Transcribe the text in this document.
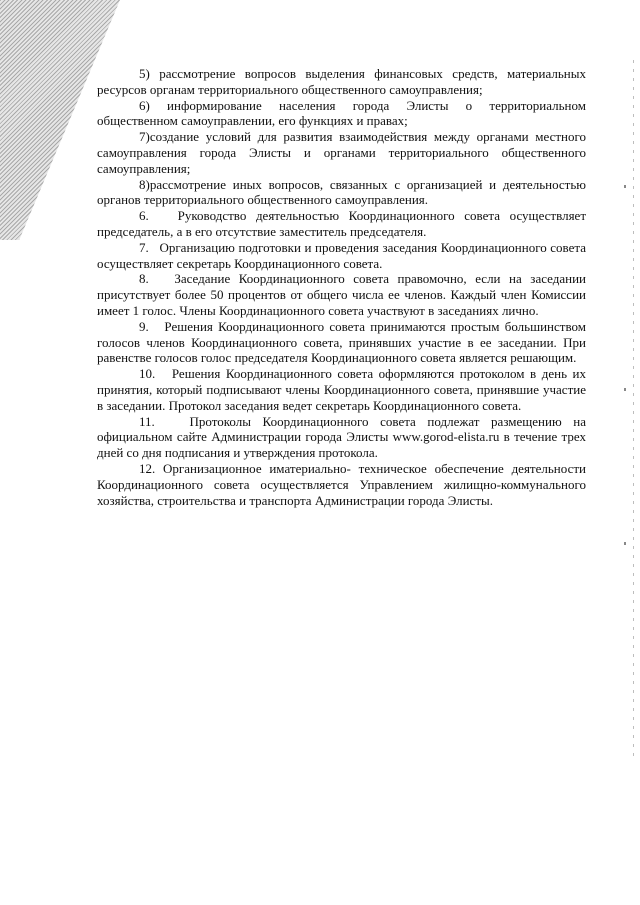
5) рассмотрение вопросов выделения финансовых средств, материальных ресурсов органам территориального общественного самоуправления;

6) информирование населения города Элисты о территориальном общественном самоуправлении, его функциях и правах;

7)создание условий для развития взаимодействия между органами местного самоуправления города Элисты и органами территориального общественного самоуправления;

8)рассмотрение иных вопросов, связанных с организацией и деятельностью органов территориального общественного самоуправления.

6.   Руководство деятельностью Координационного совета осуществляет председатель, а в его отсутствие заместитель председателя.

7.   Организацию подготовки и проведения заседания Координационного совета осуществляет секретарь Координационного совета.

8.   Заседание Координационного совета правомочно, если на заседании присутствует более 50 процентов от общего числа ее членов. Каждый член Комиссии имеет 1 голос. Члены Координационного совета участвуют в заседаниях лично.

9.   Решения Координационного совета принимаются простым большинством голосов членов Координационного совета, принявших участие в ее заседании. При равенстве голосов голос председателя Координационного совета является решающим.

10.   Решения Координационного совета оформляются протоколом в день их принятия, который подписывают члены Координационного совета, принявшие участие в заседании. Протокол заседания ведет секретарь Координационного совета.

11.   Протоколы Координационного совета подлежат размещению на официальном сайте Администрации города Элисты www.gorod-elista.ru в течение трех дней со дня подписания и утверждения протокола.

12. Организационное иматериально- техническое обеспечение деятельности Координационного совета осуществляется Управлением жилищно-коммунального хозяйства, строительства и транспорта Администрации города Элисты.
